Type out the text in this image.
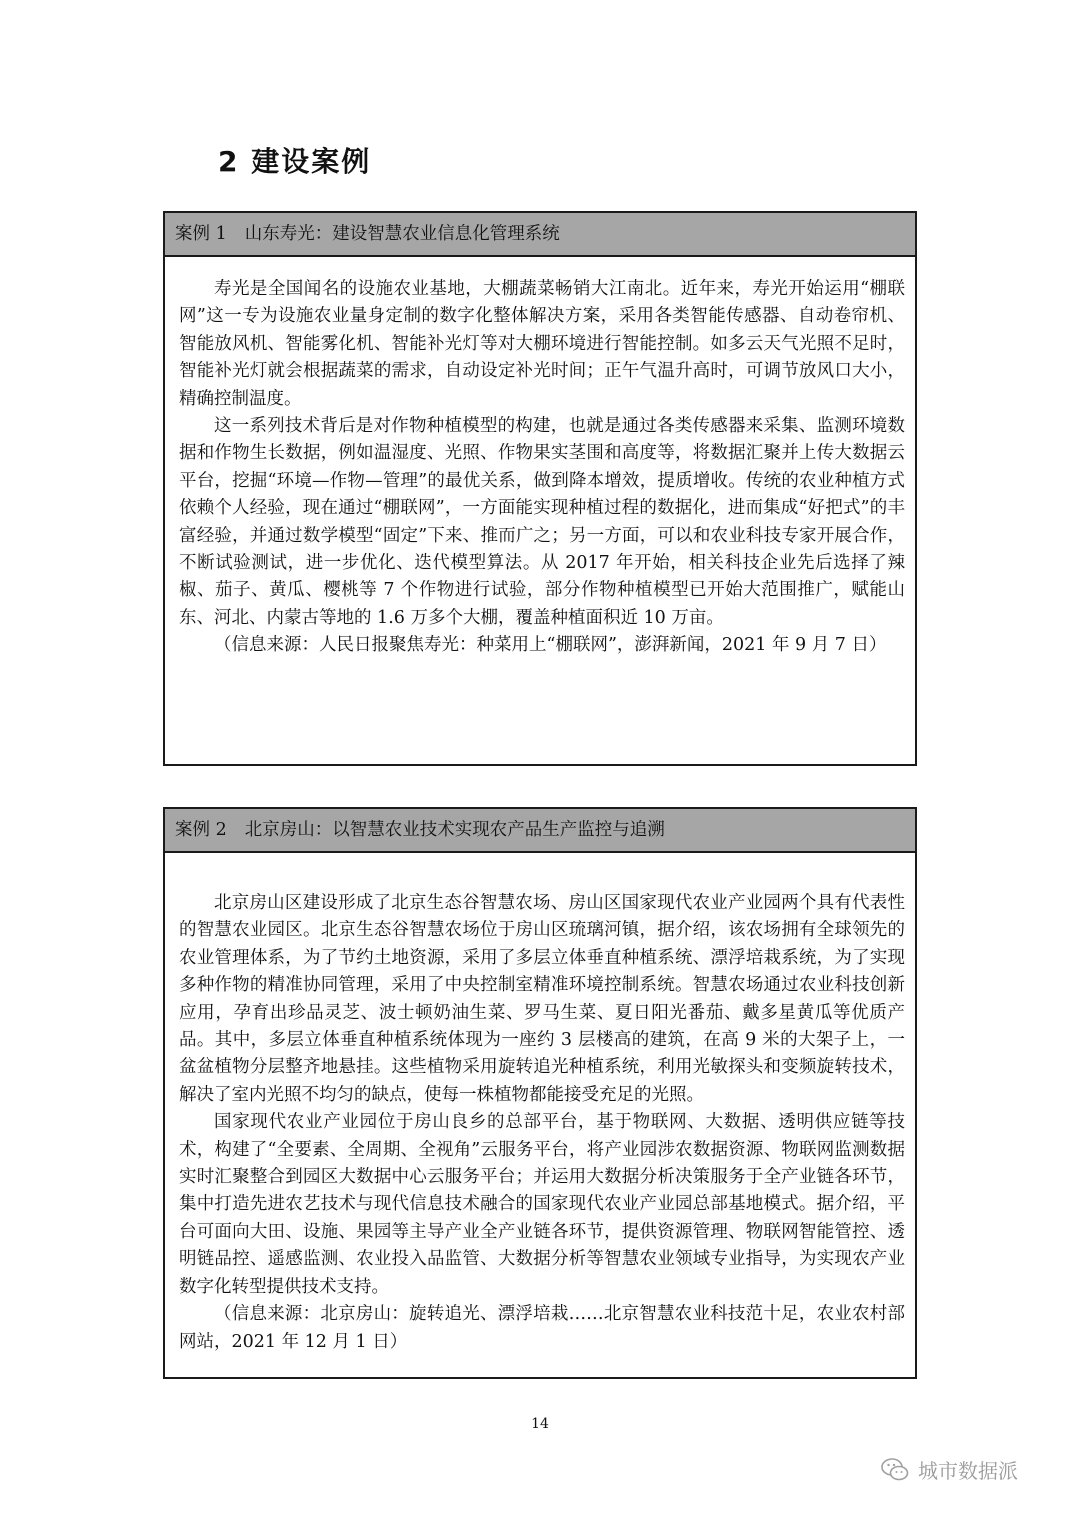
2 建设案例
案例 1 山东寿光：建设智慧农业信息化管理系统

寿光是全国闻名的设施农业基地，大棚蔬菜畅销大江南北。近年来，寿光开始运用“棚联网”这一专为设施农业量身定制的数字化整体解决方案，采用各类智能传感器、自动卷帘机、智能放风机、智能雾化机、智能补光灯等对大棚环境进行智能控制。如多云天气光照不足时，智能补光灯就会根据蔬菜的需求，自动设定补光时间；正午气温升高时，可调节放风口大小，精确控制温度。

这一系列技术背后是对作物种植模型的构建，也就是通过各类传感器来采集、监测环境数据和作物生长数据，例如温湿度、光照、作物果实茎围和高度等，将数据汇聚并上传大数据云平台，挖掘“环境—作物—管理”的最优关系，做到降本增效，提质增收。传统的农业种植方式依赖个人经验，现在通过“棚联网”，一方面能实现种植过程的数据化，进而集成“好把式”的丰富经验，并通过数学模型“固定”下来、推而广之；另一方面，可以和农业科技专家开展合作，不断试验测试，进一步优化、迭代模型算法。从 2017 年开始，相关科技企业先后选择了辣椒、茄子、黄瓜、樱桃等 7 个作物进行试验，部分作物种植模型已开始大范围推广，赋能山东、河北、内蒙古等地的 1.6 万多个大棚，覆盖种植面积近 10 万亩。

（信息来源：人民日报聚焦寿光：种菜用上“棚联网”，澎湃新闻，2021 年 9 月 7 日）

案例 2 北京房山：以智慧农业技术实现农产品生产监控与追溯

北京房山区建设形成了北京生态谷智慧农场、房山区国家现代农业产业园两个具有代表性的智慧农业园区。北京生态谷智慧农场位于房山区琉璃河镇，据介绍，该农场拥有全球领先的农业管理体系，为了节约土地资源，采用了多层立体垂直种植系统、漂浮培栽系统，为了实现多种作物的精准协同管理，采用了中央控制室精准环境控制系统。智慧农场通过农业科技创新应用，孕育出珍品灵芝、波士顿奶油生菜、罗马生菜、夏日阳光番茄、戴多星黄瓜等优质产品。其中，多层立体垂直种植系统体现为一座约 3 层楼高的建筑，在高 9 米的大架子上，一盆盆植物分层整齐地悬挂。这些植物采用旋转追光种植系统，利用光敏探头和变频旋转技术，解决了室内光照不均匀的缺点，使每一株植物都能接受充足的光照。

国家现代农业产业园位于房山良乡的总部平台，基于物联网、大数据、透明供应链等技术，构建了“全要素、全周期、全视角”云服务平台，将产业园涉农数据资源、物联网监测数据实时汇聚整合到园区大数据中心云服务平台；并运用大数据分析决策服务于全产业链各环节，集中打造先进农艺技术与现代信息技术融合的国家现代农业产业园总部基地模式。据介绍，平台可面向大田、设施、果园等主导产业全产业链各环节，提供资源管理、物联网智能管控、透明链品控、遥感监测、农业投入品监管、大数据分析等智慧农业领域专业指导，为实现农产业数字化转型提供技术支持。

（信息来源：北京房山：旋转追光、漂浮培栽……北京智慧农业科技范十足，农业农村部网站，2021 年 12 月 1 日）

14
城市数据派
